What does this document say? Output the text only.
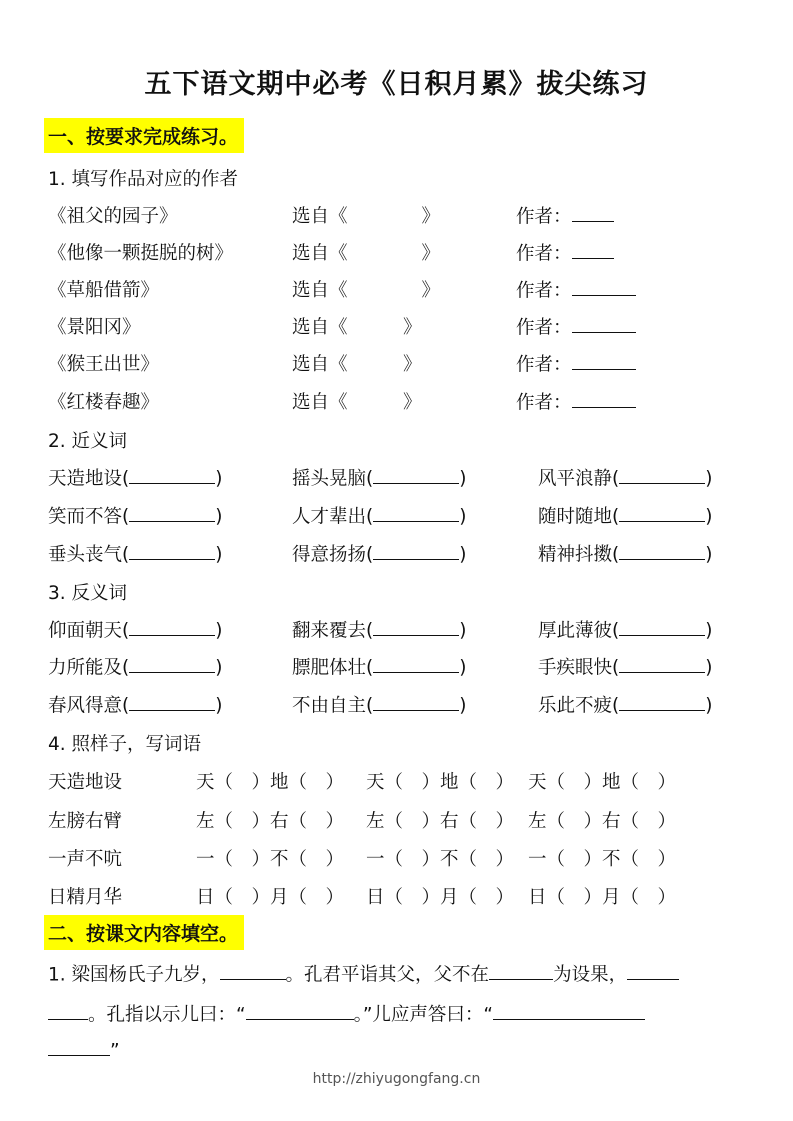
五下语文期中必考《日积月累》拔尖练习
一、按要求完成练习。
1. 填写作品对应的作者
《祖父的园子》	选自《　　　　》	作者：
《他像一颗挺脱的树》	选自《　　　　》	作者：
《草船借箭》	选自《　　　　》	作者：
《景阳冈》	选自《　　　》	作者：
《猴王出世》	选自《　　　》	作者：
《红楼春趣》	选自《　　　》	作者：
2. 近义词
天造地设(	)	摇头晃脑(	)	风平浪静(	)
笑而不答(	)	人才辈出(	)	随时随地(	)
垂头丧气(	)	得意扬扬(	)	精神抖擞(	)
3. 反义词
仰面朝天(	)	翻来覆去(	)	厚此薄彼(	)
力所能及(	)	膘肥体壮(	)	手疾眼快(	)
春风得意(	)	不由自主(	)	乐此不疲(	)
4. 照样子，写词语
天造地设	天（　）地（　） 天（　）地（　） 天（　）地（　）
左膀右臂	左（　）右（　） 左（　）右（　） 左（　）右（　）
一声不吭	一（　）不（　） 一（　）不（　） 一（　）不（　）
日精月华	日（　）月（　） 日（　）月（　） 日（　）月（　）
二、按课文内容填空。
1. 梁国杨氏子九岁，	。孔君平诣其父，父不在	为设果，
。孔指以示儿曰：“	。”儿应声答曰：“
”
http://zhiyugongfang.cn
